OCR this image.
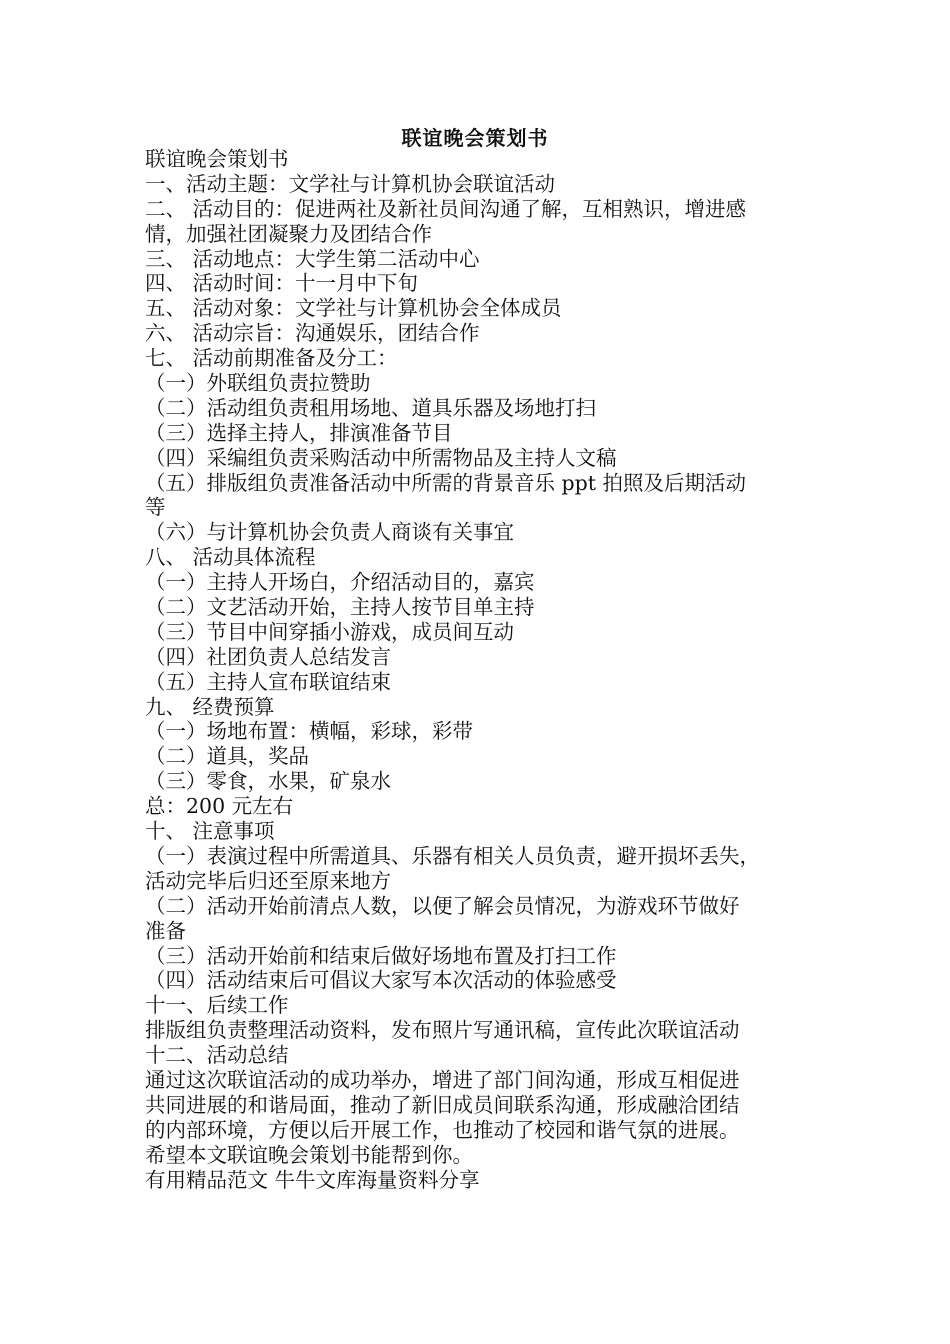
联谊晚会策划书
联谊晚会策划书
一、活动主题：文学社与计算机协会联谊活动
二、 活动目的：促进两社及新社员间沟通了解，互相熟识，增进感
情，加强社团凝聚力及团结合作
三、 活动地点：大学生第二活动中心
四、 活动时间：十一月中下旬
五、 活动对象：文学社与计算机协会全体成员
六、 活动宗旨：沟通娱乐，团结合作
七、 活动前期准备及分工：
（一）外联组负责拉赞助
（二）活动组负责租用场地、道具乐器及场地打扫
（三）选择主持人，排演准备节目
（四）采编组负责采购活动中所需物品及主持人文稿
（五）排版组负责准备活动中所需的背景音乐 ppt 拍照及后期活动
等
（六）与计算机协会负责人商谈有关事宜
八、 活动具体流程
（一）主持人开场白，介绍活动目的，嘉宾
（二）文艺活动开始，主持人按节目单主持
（三）节目中间穿插小游戏，成员间互动
（四）社团负责人总结发言
（五）主持人宣布联谊结束
九、 经费预算
（一）场地布置：横幅，彩球，彩带
（二）道具，奖品
（三）零食，水果，矿泉水
总：200 元左右
十、 注意事项
（一）表演过程中所需道具、乐器有相关人员负责，避开损坏丢失，
活动完毕后归还至原来地方
（二）活动开始前清点人数，以便了解会员情况，为游戏环节做好
准备
（三）活动开始前和结束后做好场地布置及打扫工作
（四）活动结束后可倡议大家写本次活动的体验感受
十一、后续工作
排版组负责整理活动资料，发布照片写通讯稿，宣传此次联谊活动
十二、活动总结
通过这次联谊活动的成功举办，增进了部门间沟通，形成互相促进
共同进展的和谐局面，推动了新旧成员间联系沟通，形成融洽团结
的内部环境，方便以后开展工作，也推动了校园和谐气氛的进展。
希望本文联谊晚会策划书能帮到你。
有用精品范文 牛牛文库海量资料分享
